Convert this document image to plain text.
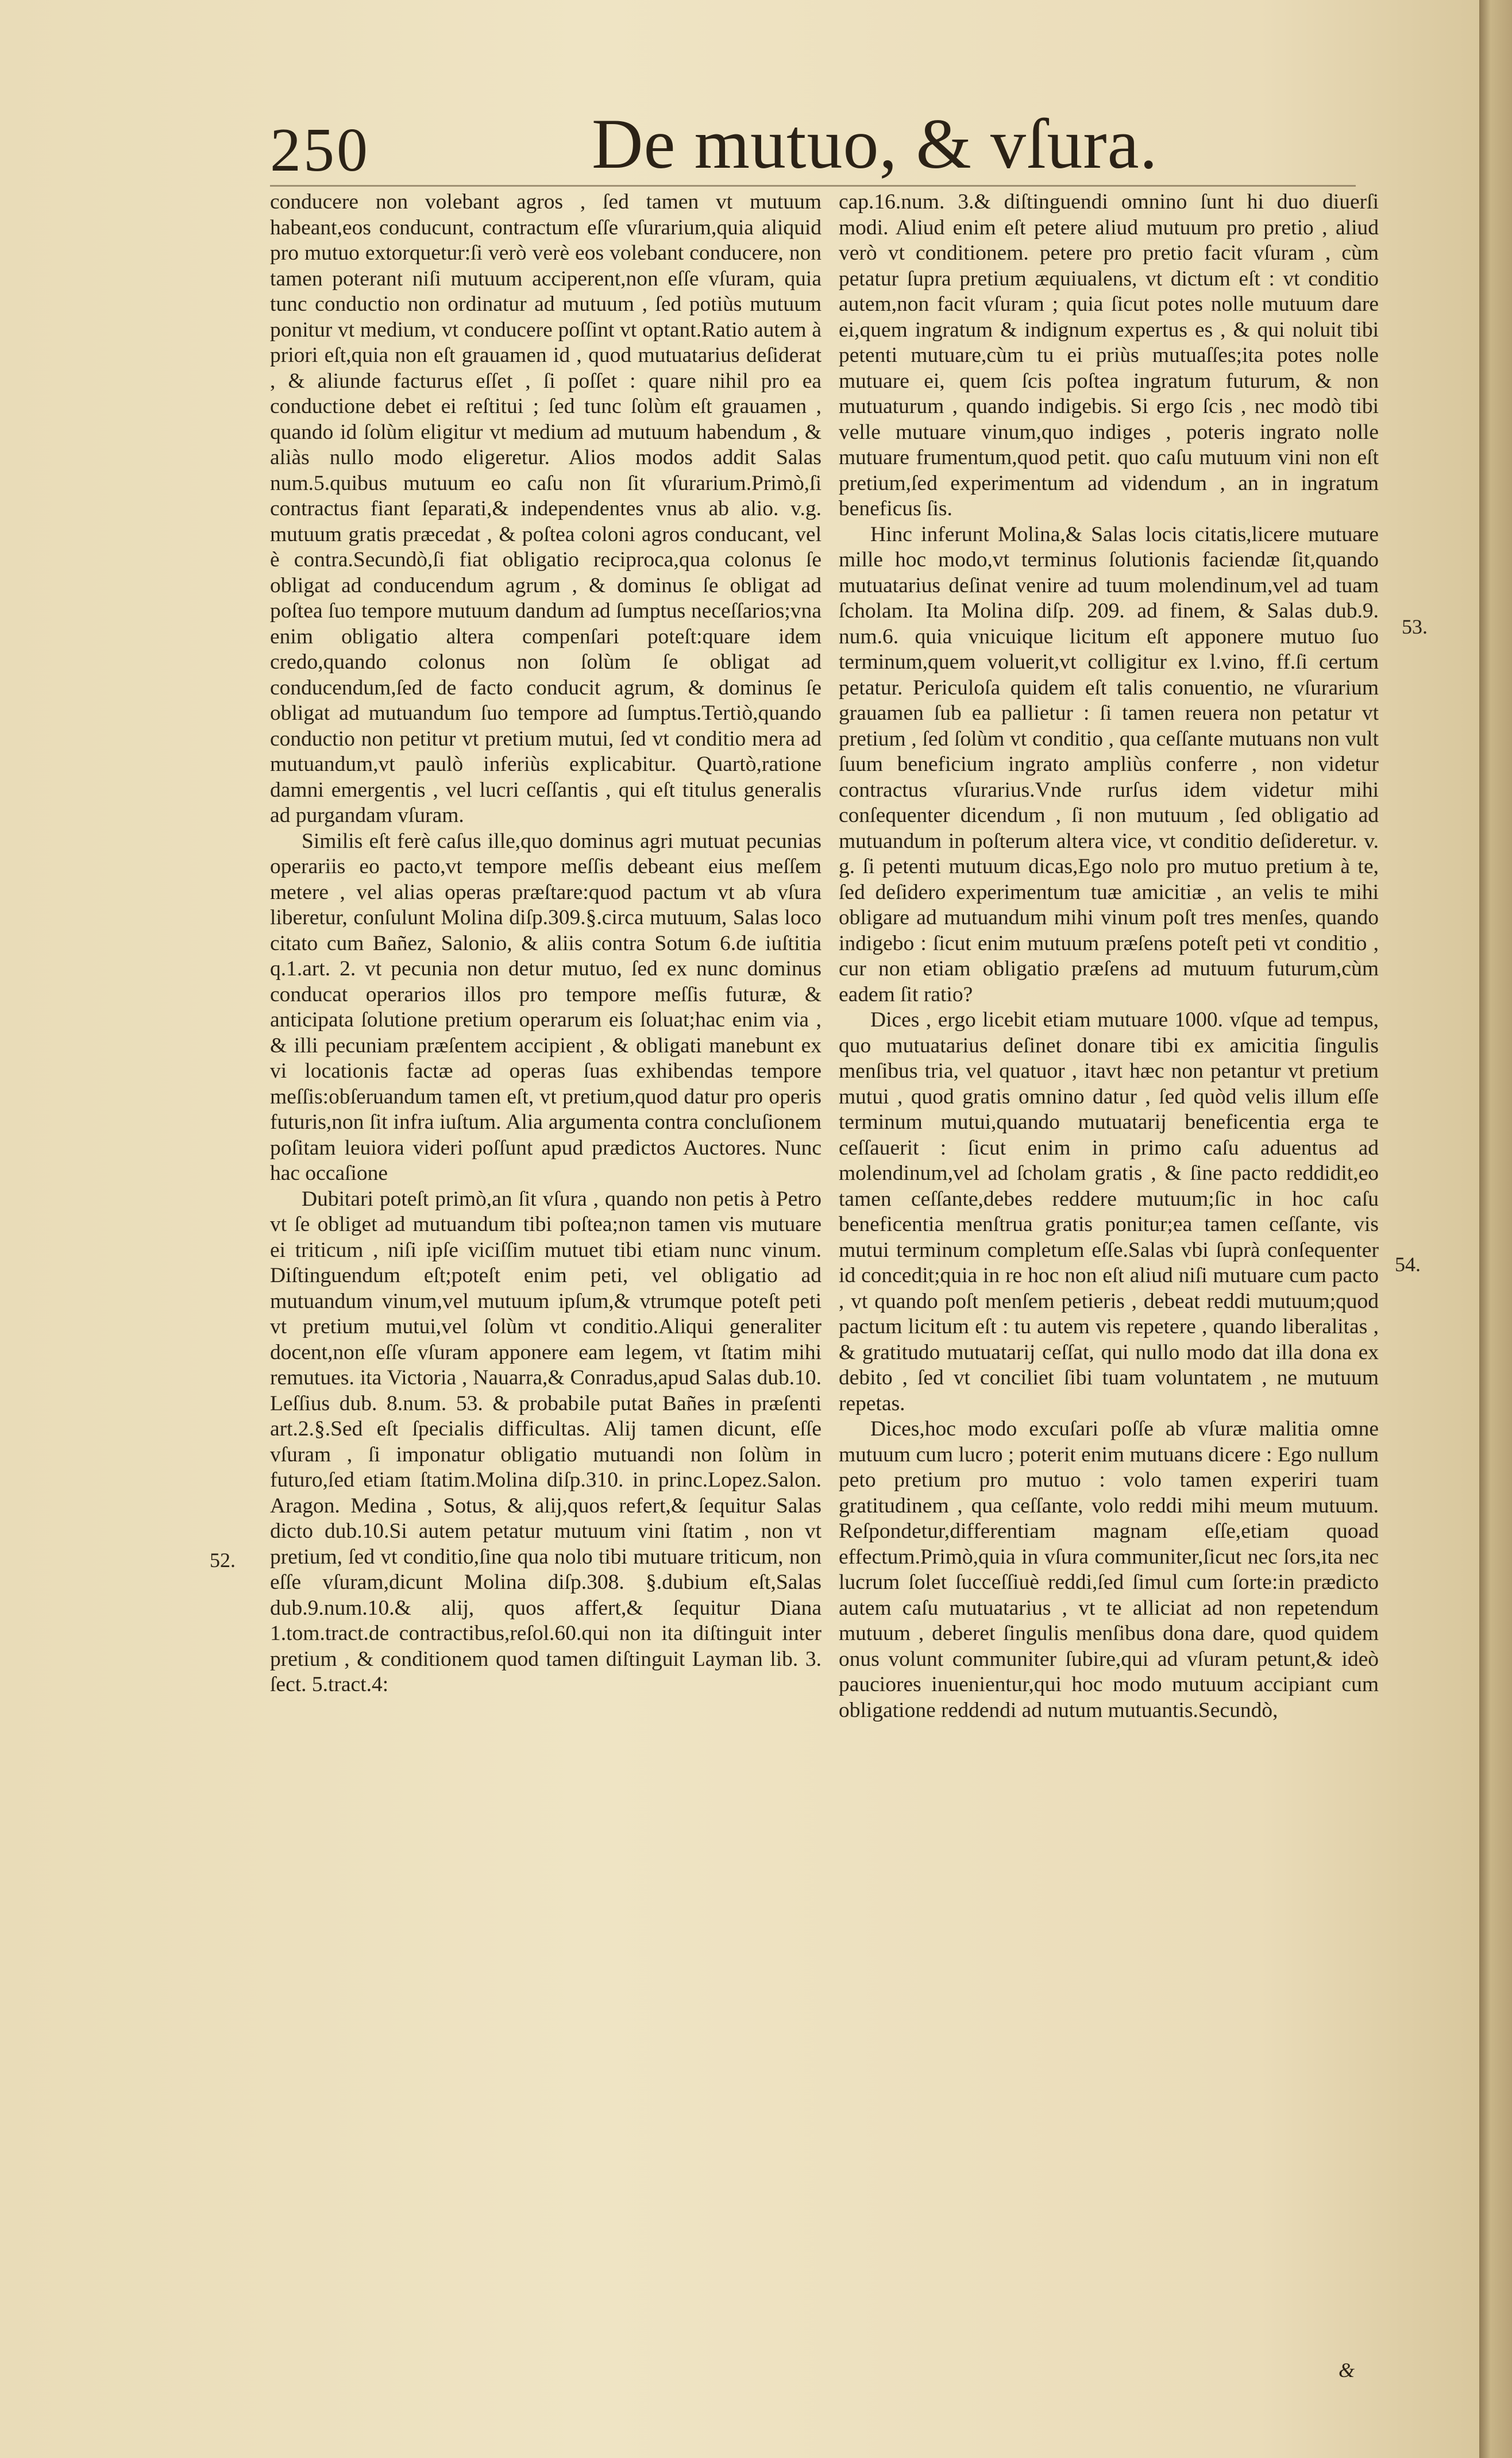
250	De mutuo, & vſura.

conducere non volebant agros , ſed tamen vt mutuum habeant,eos conducunt, contractum eſſe vſurarium,quia aliquid pro mutuo extorquetur:ſi verò verè eos volebant conducere, non tamen poterant niſi mutuum acciperent,non eſſe vſuram, quia tunc conductio non ordinatur ad mutuum , ſed potiùs mutuum ponitur vt medium, vt conducere poſſint vt optant.Ratio autem à priori eſt,quia non eſt grauamen id , quod mutuatarius deſiderat , & aliunde facturus eſſet , ſi poſſet : quare nihil pro ea conductione debet ei reſtitui ; ſed tunc ſolùm eſt grauamen , quando id ſolùm eligitur vt medium ad mutuum habendum , & aliàs nullo modo eligeretur. Alios modos addit Salas num.5.quibus mutuum eo caſu non ſit vſurarium.Primò,ſi contractus fiant ſeparati,& independentes vnus ab alio. v.g. mutuum gratis præcedat , & poſtea coloni agros conducant, vel è contra.Secundò,ſi fiat obligatio reciproca,qua colonus ſe obligat ad conducendum agrum , & dominus ſe obligat ad poſtea ſuo tempore mutuum dandum ad ſumptus neceſſarios;vna enim obligatio altera compenſari poteſt:quare idem credo,quando colonus non ſolùm ſe obligat ad conducendum,ſed de facto conducit agrum, & dominus ſe obligat ad mutuandum ſuo tempore ad ſumptus.Tertiò,quando conductio non petitur vt pretium mutui, ſed vt conditio mera ad mutuandum,vt paulò inferiùs explicabitur. Quartò,ratione damni emergentis , vel lucri ceſſantis , qui eſt titulus generalis ad purgandam vſuram.

Similis eſt ferè caſus ille,quo dominus agri mutuat pecunias operariis eo pacto,vt tempore meſſis debeant eius meſſem metere , vel alias operas præſtare:quod pactum vt ab vſura liberetur, conſulunt Molina diſp.309.§.circa mutuum, Salas loco citato cum Bañez, Salonio, & aliis contra Sotum 6.de iuſtitia q.1.art. 2. vt pecunia non detur mutuo, ſed ex nunc dominus conducat operarios illos pro tempore meſſis futuræ, & anticipata ſolutione pretium operarum eis ſoluat;hac enim via , & illi pecuniam præſentem accipient , & obligati manebunt ex vi locationis factæ ad operas ſuas exhibendas tempore meſſis:obſeruandum tamen eſt, vt pretium,quod datur pro operis futuris,non ſit infra iuſtum. Alia argumenta contra concluſionem poſitam leuiora videri poſſunt apud prædictos Auctores. Nunc hac occaſione

Dubitari poteſt primò,an ſit vſura , quando non petis à Petro vt ſe obliget ad mutuandum tibi poſtea;non tamen vis mutuare ei triticum , niſi ipſe viciſſim mutuet tibi etiam nunc vinum. Diſtinguendum eſt;poteſt enim peti, vel obligatio ad mutuandum vinum,vel mutuum ipſum,& vtrumque poteſt peti vt pretium mutui,vel ſolùm vt conditio.Aliqui generaliter docent,non eſſe vſuram apponere eam legem, vt ſtatim mihi remutues. ita Victoria , Nauarra,& Conradus,apud Salas dub.10. Leſſius dub. 8.num. 53. & probabile putat Bañes in præſenti art.2.§.Sed eſt ſpecialis difficultas. Alij tamen dicunt, eſſe vſuram , ſi imponatur obligatio mutuandi non ſolùm in futuro,ſed etiam ſtatim.Molina diſp.310. in princ.Lopez.Salon. Aragon. Medina , Sotus, & alij,quos refert,& ſequitur Salas dicto dub.10.Si autem petatur mutuum vini ſtatim , non vt pretium, ſed vt conditio,ſine qua nolo tibi mutuare triticum, non eſſe vſuram,dicunt Molina diſp.308. §.dubium eſt,Salas dub.9.num.10.& alij, quos affert,& ſequitur Diana 1.tom.tract.de contractibus,reſol.60.qui non ita diſtinguit inter pretium , & conditionem quod tamen diſtinguit Layman lib. 3. ſect. 5.tract.4:

cap.16.num. 3.& diſtinguendi omnino ſunt hi duo diuerſi modi. Aliud enim eſt petere aliud mutuum pro pretio , aliud verò vt conditionem. petere pro pretio facit vſuram , cùm petatur ſupra pretium æquiualens, vt dictum eſt : vt conditio autem,non facit vſuram ; quia ſicut potes nolle mutuum dare ei,quem ingratum & indignum expertus es , & qui noluit tibi petenti mutuare,cùm tu ei priùs mutuaſſes;ita potes nolle mutuare ei, quem ſcis poſtea ingratum futurum, & non mutuaturum , quando indigebis. Si ergo ſcis , nec modò tibi velle mutuare vinum,quo indiges , poteris ingrato nolle mutuare frumentum,quod petit. quo caſu mutuum vini non eſt pretium,ſed experimentum ad videndum , an in ingratum beneficus ſis.

Hinc inferunt Molina,& Salas locis citatis,licere mutuare mille hoc modo,vt terminus ſolutionis faciendæ ſit,quando mutuatarius deſinat venire ad tuum molendinum,vel ad tuam ſcholam. Ita Molina diſp. 209. ad finem, & Salas dub.9. num.6. quia vnicuique licitum eſt apponere mutuo ſuo terminum,quem voluerit,vt colligitur ex l.vino, ff.ſi certum petatur. Periculoſa quidem eſt talis conuentio, ne vſurarium grauamen ſub ea pallietur : ſi tamen reuera non petatur vt pretium , ſed ſolùm vt conditio , qua ceſſante mutuans non vult ſuum beneficium ingrato ampliùs conferre , non videtur contractus vſurarius.Vnde rurſus idem videtur mihi conſequenter dicendum , ſi non mutuum , ſed obligatio ad mutuandum in poſterum altera vice, vt conditio deſideretur. v. g. ſi petenti mutuum dicas,Ego nolo pro mutuo pretium à te, ſed deſidero experimentum tuæ amicitiæ , an velis te mihi obligare ad mutuandum mihi vinum poſt tres menſes, quando indigebo : ſicut enim mutuum præſens poteſt peti vt conditio , cur non etiam obligatio præſens ad mutuum futurum,cùm eadem ſit ratio?

Dices , ergo licebit etiam mutuare 1000. vſque ad tempus, quo mutuatarius deſinet donare tibi ex amicitia ſingulis menſibus tria, vel quatuor , itavt hæc non petantur vt pretium mutui , quod gratis omnino datur , ſed quòd velis illum eſſe terminum mutui,quando mutuatarij beneficentia erga te ceſſauerit : ſicut enim in primo caſu aduentus ad molendinum,vel ad ſcholam gratis , & ſine pacto reddidit,eo tamen ceſſante,debes reddere mutuum;ſic in hoc caſu beneficentia menſtrua gratis ponitur;ea tamen ceſſante, vis mutui terminum completum eſſe.Salas vbi ſuprà conſequenter id concedit;quia in re hoc non eſt aliud niſi mutuare cum pacto , vt quando poſt menſem petieris , debeat reddi mutuum;quod pactum licitum eſt : tu autem vis repetere , quando liberalitas , & gratitudo mutuatarij ceſſat, qui nullo modo dat illa dona ex debito , ſed vt conciliet ſibi tuam voluntatem , ne mutuum repetas.

Dices,hoc modo excuſari poſſe ab vſuræ malitia omne mutuum cum lucro ; poterit enim mutuans dicere : Ego nullum peto pretium pro mutuo : volo tamen experiri tuam gratitudinem , qua ceſſante, volo reddi mihi meum mutuum. Reſpondetur,differentiam magnam eſſe,etiam quoad effectum.Primò,quia in vſura communiter,ſicut nec ſors,ita nec lucrum ſolet ſucceſſiuè reddi,ſed ſimul cum ſorte:in prædicto autem caſu mutuatarius , vt te alliciat ad non repetendum mutuum , deberet ſingulis menſibus dona dare, quod quidem onus volunt communiter ſubire,qui ad vſuram petunt,& ideò pauciores inuenientur,qui hoc modo mutuum accipiant cum obligatione reddendi ad nutum mutuantis.Secundò,

52.
53.
54.
&
